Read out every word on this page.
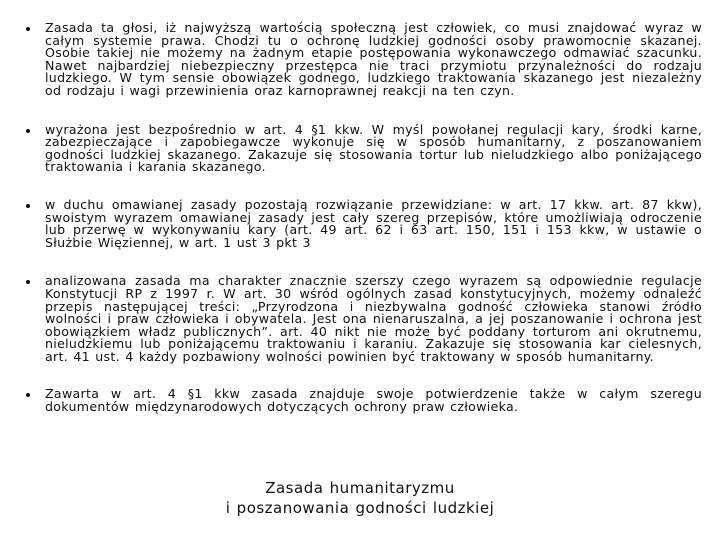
Zasada ta głosi, iż najwyższą wartością społeczną jest człowiek, co musi znajdować wyraz w całym systemie prawa. Chodzi tu o ochronę ludzkiej godności osoby prawomocnie skazanej. Osobie takiej nie możemy na żadnym etapie postępowania wykonawczego odmawiać szacunku. Nawet najbardziej niebezpieczny przestępca nie traci przymiotu przynależności do rodzaju ludzkiego. W tym sensie obowiązek godnego, ludzkiego traktowania skazanego jest niezależny od rodzaju i wagi przewinienia oraz karnoprawnej reakcji na ten czyn.
wyrażona jest bezpośrednio w art. 4 §1 kkw. W myśl powołanej regulacji kary, środki karne, zabezpieczające i zapobiegawcze wykonuje się w sposób humanitarny, z poszanowaniem godności ludzkiej skazanego. Zakazuje się stosowania tortur lub nieludzkiego albo poniżającego traktowania i karania skazanego.
w duchu omawianej zasady pozostają rozwiązanie przewidziane: w art. 17 kkw. art. 87 kkw), swoistym wyrazem omawianej zasady jest cały szereg przepisów, które umożliwiają odroczenie lub przerwę w wykonywaniu kary (art. 49 art. 62 i 63 art. 150, 151 i 153 kkw, w ustawie o Służbie Więziennej, w art. 1 ust 3 pkt 3
analizowana zasada ma charakter znacznie szerszy czego wyrazem są odpowiednie regulacje Konstytucji RP z 1997 r. W art. 30 wśród ogólnych zasad konstytucyjnych, możemy odnaleźć przepis następującej treści: „Przyrodzona i niezbywalna godność człowieka stanowi źródło wolności i praw człowieka i obywatela. Jest ona nienaruszalna, a jej poszanowanie i ochrona jest obowiązkiem władz publicznych”. art. 40 nikt nie może być poddany torturom ani okrutnemu, nieludzkiemu lub poniżającemu traktowaniu i karaniu. Zakazuje się stosowania kar cielesnych, art. 41 ust. 4 każdy pozbawiony wolności powinien być traktowany w sposób humanitarny.
Zawarta w art. 4 §1 kkw zasada znajduje swoje potwierdzenie także w całym szeregu dokumentów międzynarodowych dotyczących ochrony praw człowieka.
Zasada humanitaryzmu
i poszanowania godności ludzkiej
